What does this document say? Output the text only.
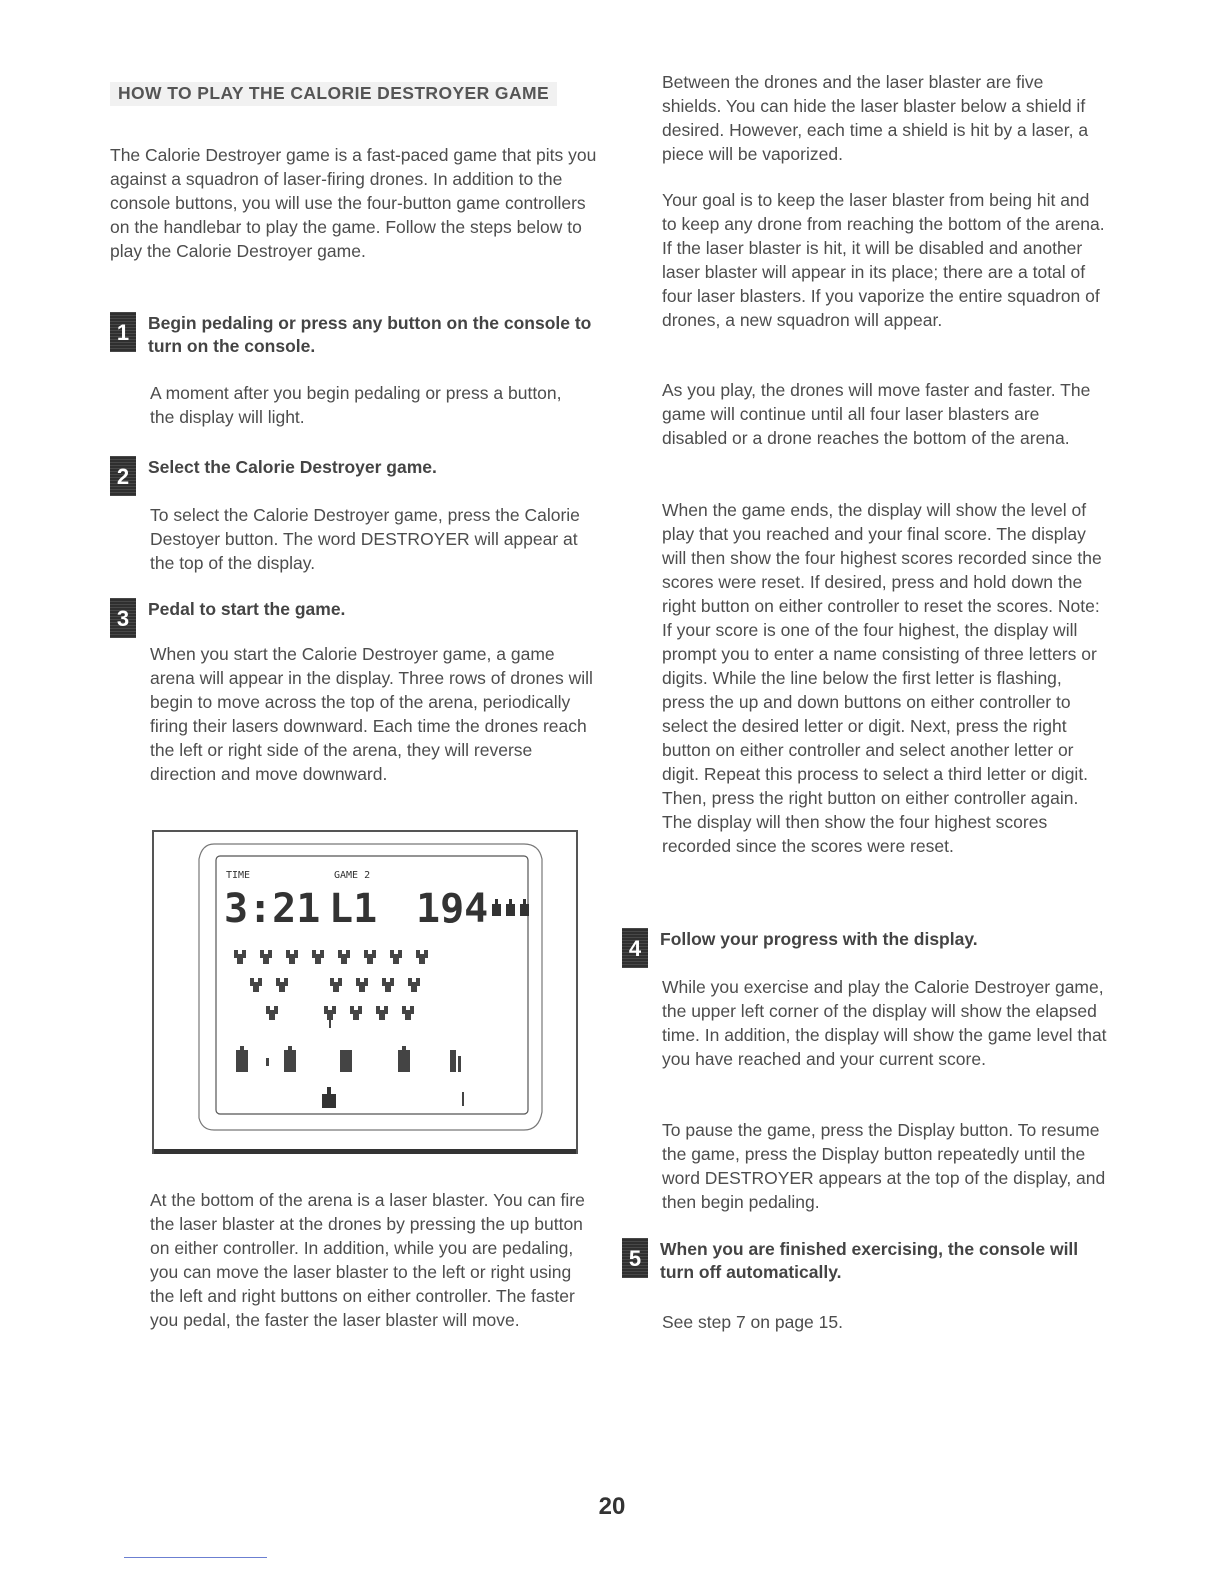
HOW TO PLAY THE CALORIE DESTROYER GAME

The Calorie Destroyer game is a fast-paced game that pits you against a squadron of laser-firing drones. In addition to the console buttons, you will use the four-button game controllers on the handlebar to play the game. Follow the steps below to play the Calorie Destroyer game.

1	Begin pedaling or press any button on the console to turn on the console.

A moment after you begin pedaling or press a button, the display will light.

2	Select the Calorie Destroyer game.

To select the Calorie Destroyer game, press the Calorie Destoyer button. The word DESTROYER will appear at the top of the display.

3	Pedal to start the game.

When you start the Calorie Destroyer game, a game arena will appear in the display. Three rows of drones will begin to move across the top of the arena, periodically firing their lasers downward. Each time the drones reach the left or right side of the arena, they will reverse direction and move downward.

TIME	GAME 2
3:21 L1 194

At the bottom of the arena is a laser blaster. You can fire the laser blaster at the drones by pressing the up button on either controller. In addition, while you are pedaling, you can move the laser blaster to the left or right using the left and right buttons on either controller. The faster you pedal, the faster the laser blaster will move.

Between the drones and the laser blaster are five shields. You can hide the laser blaster below a shield if desired. However, each time a shield is hit by a laser, a piece will be vaporized.

Your goal is to keep the laser blaster from being hit and to keep any drone from reaching the bottom of the arena. If the laser blaster is hit, it will be disabled and another laser blaster will appear in its place; there are a total of four laser blasters. If you vaporize the entire squadron of drones, a new squadron will appear.

As you play, the drones will move faster and faster. The game will continue until all four laser blasters are disabled or a drone reaches the bottom of the arena.

When the game ends, the display will show the level of play that you reached and your final score. The display will then show the four highest scores recorded since the scores were reset. If desired, press and hold down the right button on either controller to reset the scores. Note: If your score is one of the four highest, the display will prompt you to enter a name consisting of three letters or digits. While the line below the first letter is flashing, press the up and down buttons on either controller to select the desired letter or digit. Next, press the right button on either controller and select another letter or digit. Repeat this process to select a third letter or digit. Then, press the right button on either controller again. The display will then show the four highest scores recorded since the scores were reset.

4	Follow your progress with the display.

While you exercise and play the Calorie Destroyer game, the upper left corner of the display will show the elapsed time. In addition, the display will show the game level that you have reached and your current score.

To pause the game, press the Display button. To resume the game, press the Display button repeatedly until the word DESTROYER appears at the top of the display, and then begin pedaling.

5	When you are finished exercising, the console will turn off automatically.

See step 7 on page 15.

20
